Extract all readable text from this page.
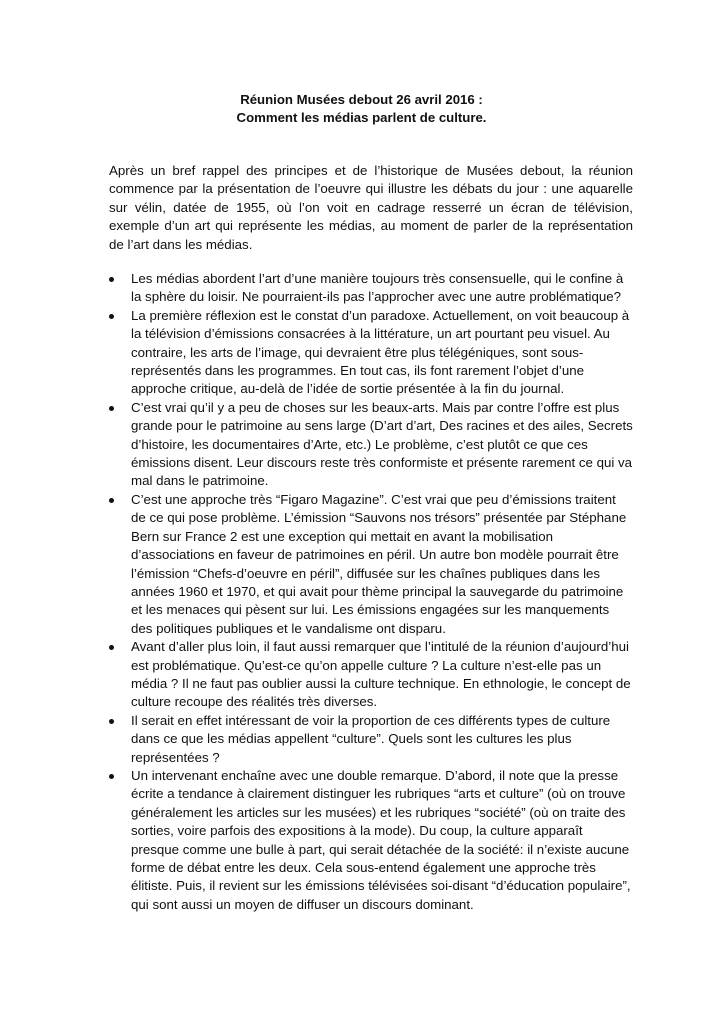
Réunion Musées debout 26 avril 2016 :
Comment les médias parlent de culture.

Après un bref rappel des principes et de l’historique de Musées debout, la réunion commence par la présentation de l’oeuvre qui illustre les débats du jour : une aquarelle sur vélin, datée de 1955, où l’on voit en cadrage resserré un écran de télévision, exemple d’un art qui représente les médias, au moment de parler de la représentation de l’art dans les médias.

Les médias abordent l’art d’une manière toujours très consensuelle, qui le confine à la sphère du loisir. Ne pourraient-ils pas l’approcher avec une autre problématique?
La première réflexion est le constat d’un paradoxe. Actuellement, on voit beaucoup à la télévision d’émissions consacrées à la littérature, un art pourtant peu visuel. Au contraire, les arts de l’image, qui devraient être plus télégéniques, sont sous-représentés dans les programmes. En tout cas, ils font rarement l’objet d’une approche critique, au-delà de l’idée de sortie présentée à la fin du journal.
C’est vrai qu’il y a peu de choses sur les beaux-arts. Mais par contre l’offre est plus grande pour le patrimoine au sens large (D’art d’art, Des racines et des ailes, Secrets d’histoire, les documentaires d’Arte, etc.) Le problème, c’est plutôt ce que ces émissions disent. Leur discours reste très conformiste et présente rarement ce qui va mal dans le patrimoine.
C’est une approche très “Figaro Magazine”. C’est vrai que peu d’émissions traitent de ce qui pose problème. L’émission “Sauvons nos trésors” présentée par Stéphane Bern sur France 2 est une exception qui mettait en avant la mobilisation d’associations en faveur de patrimoines en péril. Un autre bon modèle pourrait être l’émission “Chefs-d’oeuvre en péril”, diffusée sur les chaînes publiques dans les années 1960 et 1970, et qui avait pour thème principal la sauvegarde du patrimoine et les menaces qui pèsent sur lui. Les émissions engagées sur les manquements des politiques publiques et le vandalisme ont disparu.
Avant d’aller plus loin, il faut aussi remarquer que l’intitulé de la réunion d’aujourd’hui est problématique. Qu’est-ce qu’on appelle culture ? La culture n’est-elle pas un média ? Il ne faut pas oublier aussi la culture technique. En ethnologie, le concept de culture recoupe des réalités très diverses.
Il serait en effet intéressant de voir la proportion de ces différents types de culture dans ce que les médias appellent “culture”. Quels sont les cultures les plus représentées ?
Un intervenant enchaîne avec une double remarque. D’abord, il note que la presse écrite a tendance à clairement distinguer les rubriques “arts et culture” (où on trouve généralement les articles sur les musées) et les rubriques “société” (où on traite des sorties, voire parfois des expositions à la mode). Du coup, la culture apparaît presque comme une bulle à part, qui serait détachée de la société: il n’existe aucune forme de débat entre les deux. Cela sous-entend également une approche très élitiste. Puis, il revient sur les émissions télévisées soi-disant “d’éducation populaire”, qui sont aussi un moyen de diffuser un discours dominant.
